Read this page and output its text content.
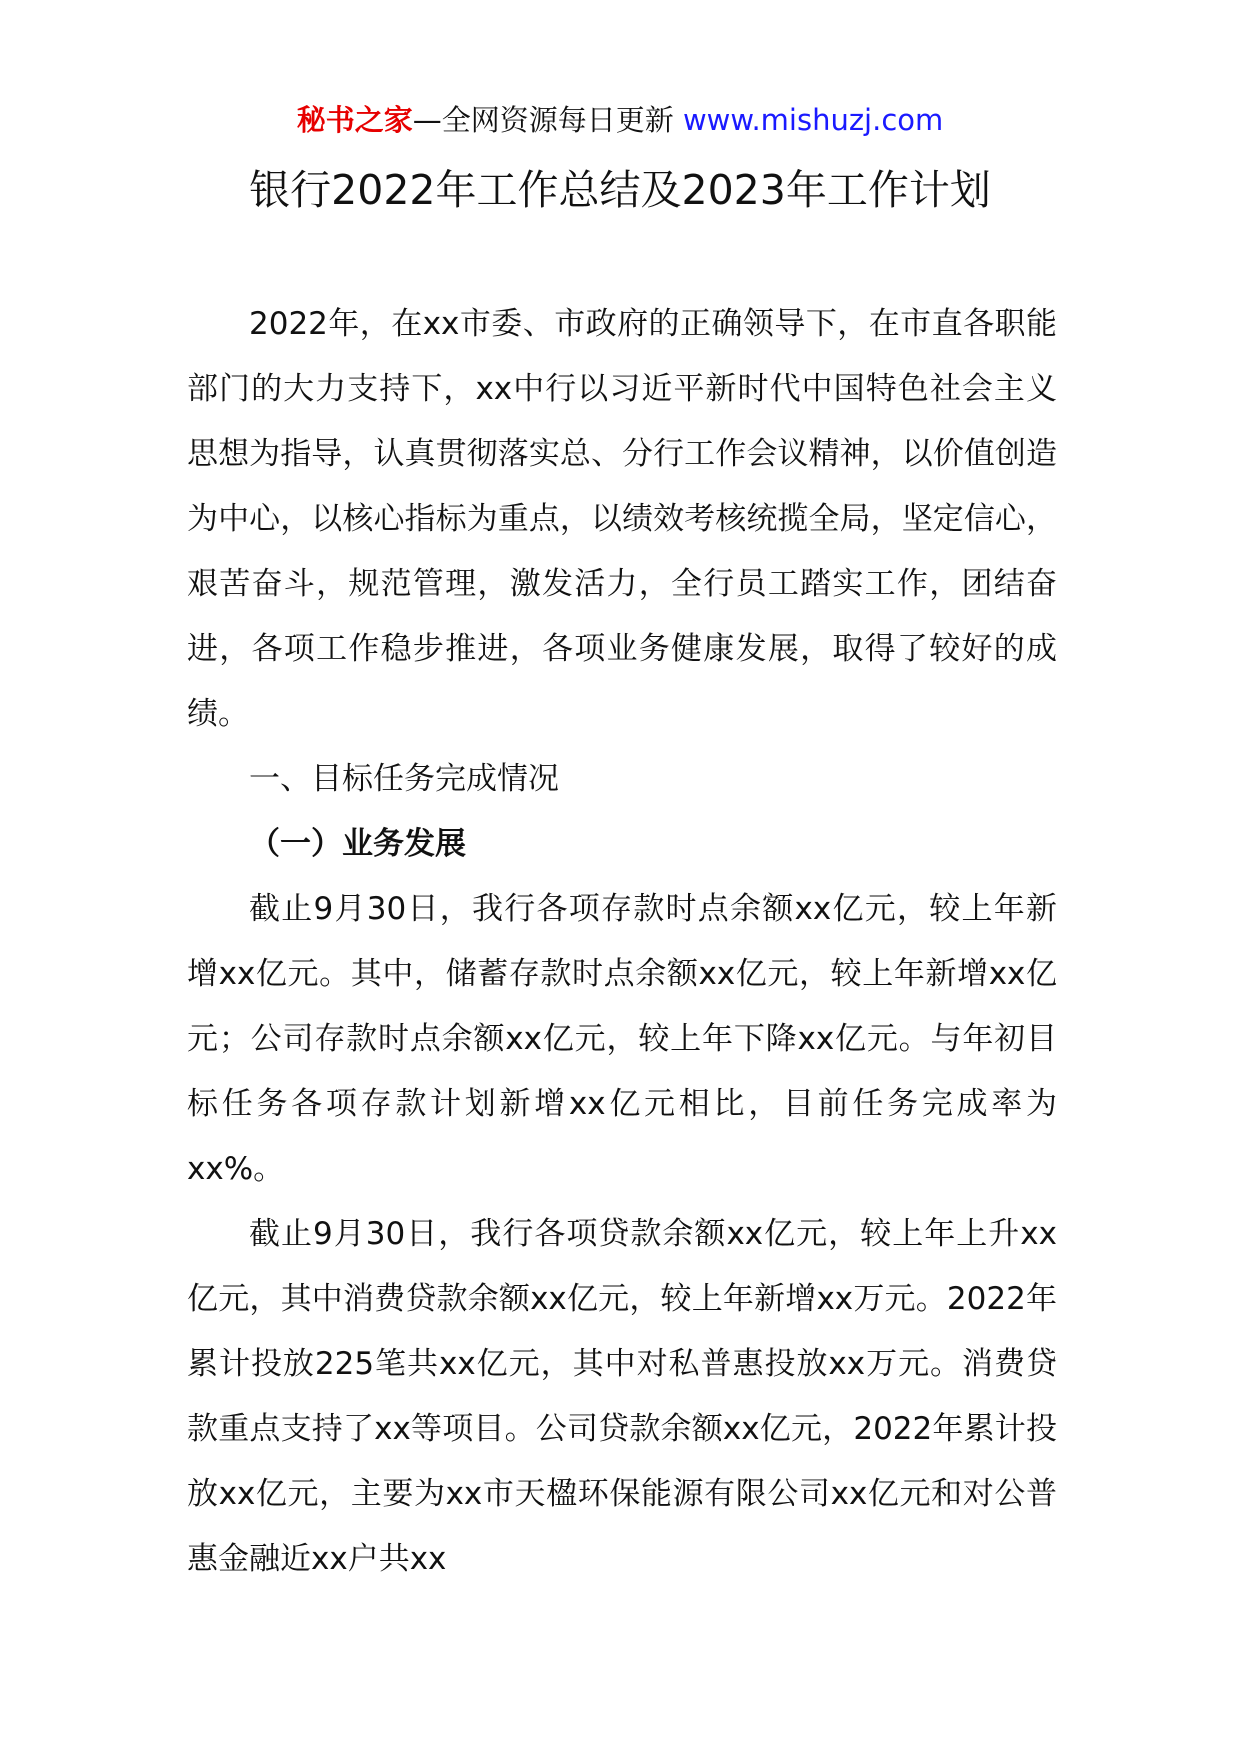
秘书之家—全网资源每日更新 www.mishuzj.com
银行2022年工作总结及2023年工作计划

2022年，在xx市委、市政府的正确领导下，在市直各职能部门的大力支持下，xx中行以习近平新时代中国特色社会主义思想为指导，认真贯彻落实总、分行工作会议精神，以价值创造为中心，以核心指标为重点，以绩效考核统揽全局，坚定信心，艰苦奋斗，规范管理，激发活力，全行员工踏实工作，团结奋进，各项工作稳步推进，各项业务健康发展，取得了较好的成绩。

一、目标任务完成情况

（一）业务发展

截止9月30日，我行各项存款时点余额xx亿元，较上年新增xx亿元。其中，储蓄存款时点余额xx亿元，较上年新增xx亿元；公司存款时点余额xx亿元，较上年下降xx亿元。与年初目标任务各项存款计划新增xx亿元相比，目前任务完成率为xx%。

截止9月30日，我行各项贷款余额xx亿元，较上年上升xx亿元，其中消费贷款余额xx亿元，较上年新增xx万元。2022年累计投放225笔共xx亿元，其中对私普惠投放xx万元。消费贷款重点支持了xx等项目。公司贷款余额xx亿元，2022年累计投放xx亿元，主要为xx市天楹环保能源有限公司xx亿元和对公普惠金融近xx户共xx
